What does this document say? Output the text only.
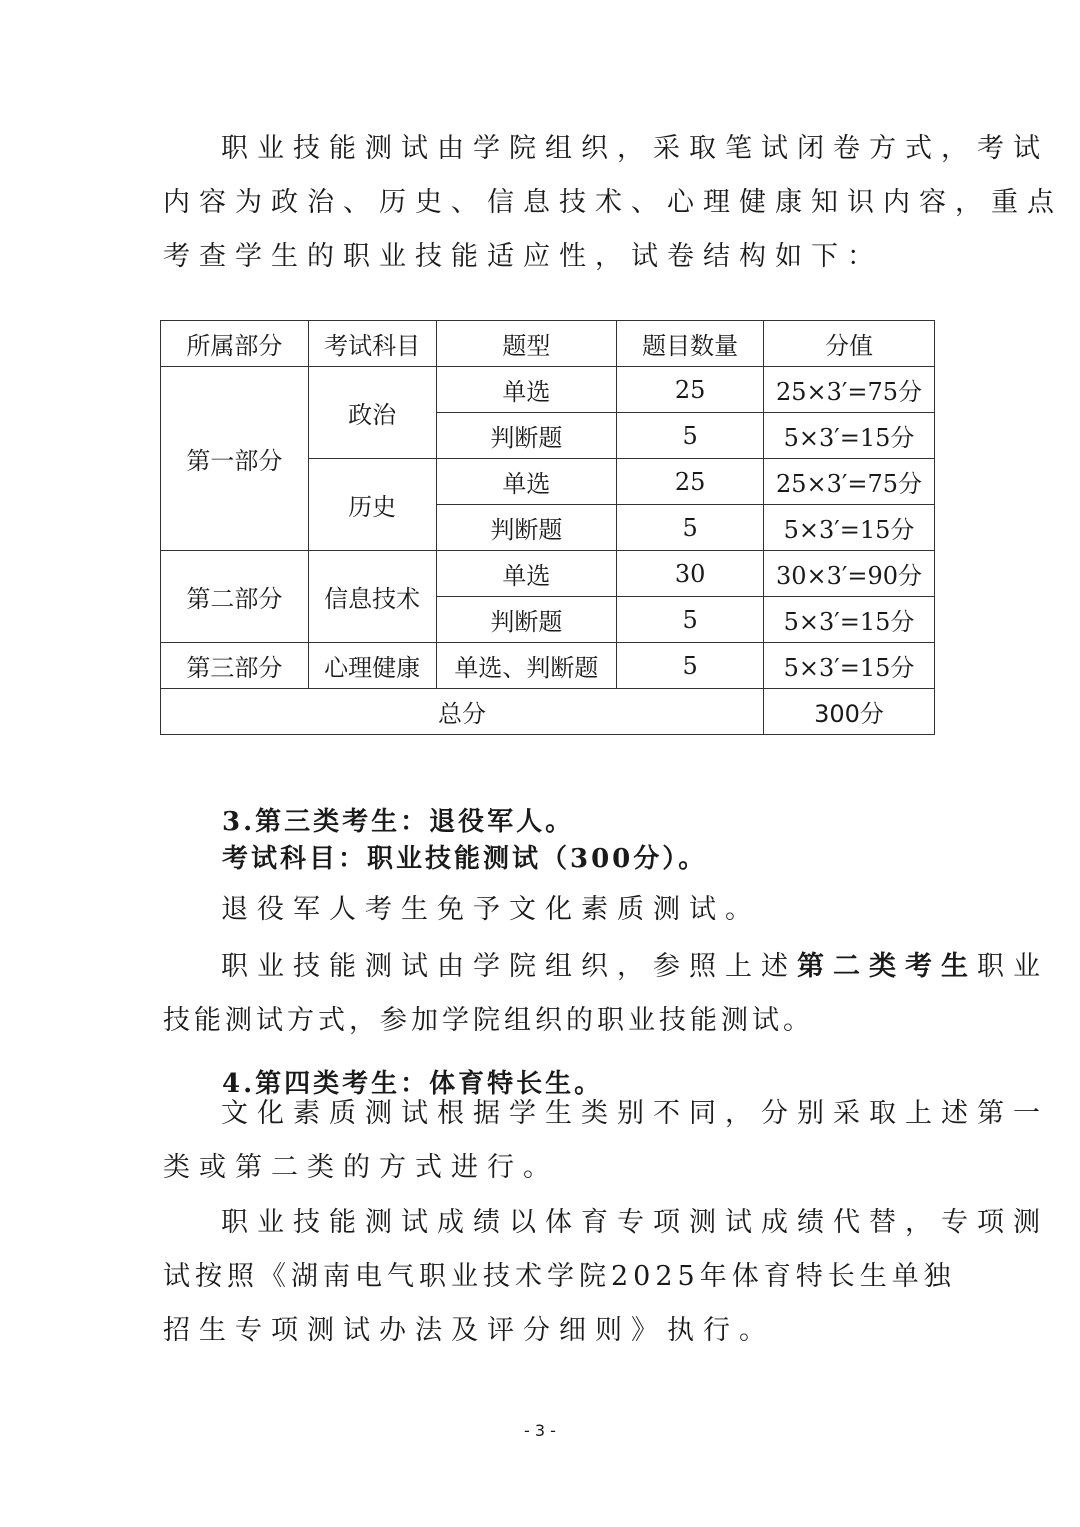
职业技能测试由学院组织，采取笔试闭卷方式，考试
内容为政治、历史、信息技术、心理健康知识内容，重点
考查学生的职业技能适应性，试卷结构如下：

所属部分	考试科目	题型	题目数量	分值
第一部分	政治	单选	25	25×3′=75分
		判断题	5	5×3′=15分
	历史	单选	25	25×3′=75分
		判断题	5	5×3′=15分
第二部分	信息技术	单选	30	30×3′=90分
		判断题	5	5×3′=15分
第三部分	心理健康	单选、判断题	5	5×3′=15分
总分				300分

3.第三类考生：退役军人。

考试科目：职业技能测试（300分）。

退役军人考生免予文化素质测试。

职业技能测试由学院组织，参照上述第二类考生职业
技能测试方式，参加学院组织的职业技能测试。

4.第四类考生：体育特长生。

文化素质测试根据学生类别不同，分别采取上述第一
类或第二类的方式进行。

职业技能测试成绩以体育专项测试成绩代替，专项测
试按照《湖南电气职业技术学院2025年体育特长生单独
招生专项测试办法及评分细则》执行。

- 3 -
